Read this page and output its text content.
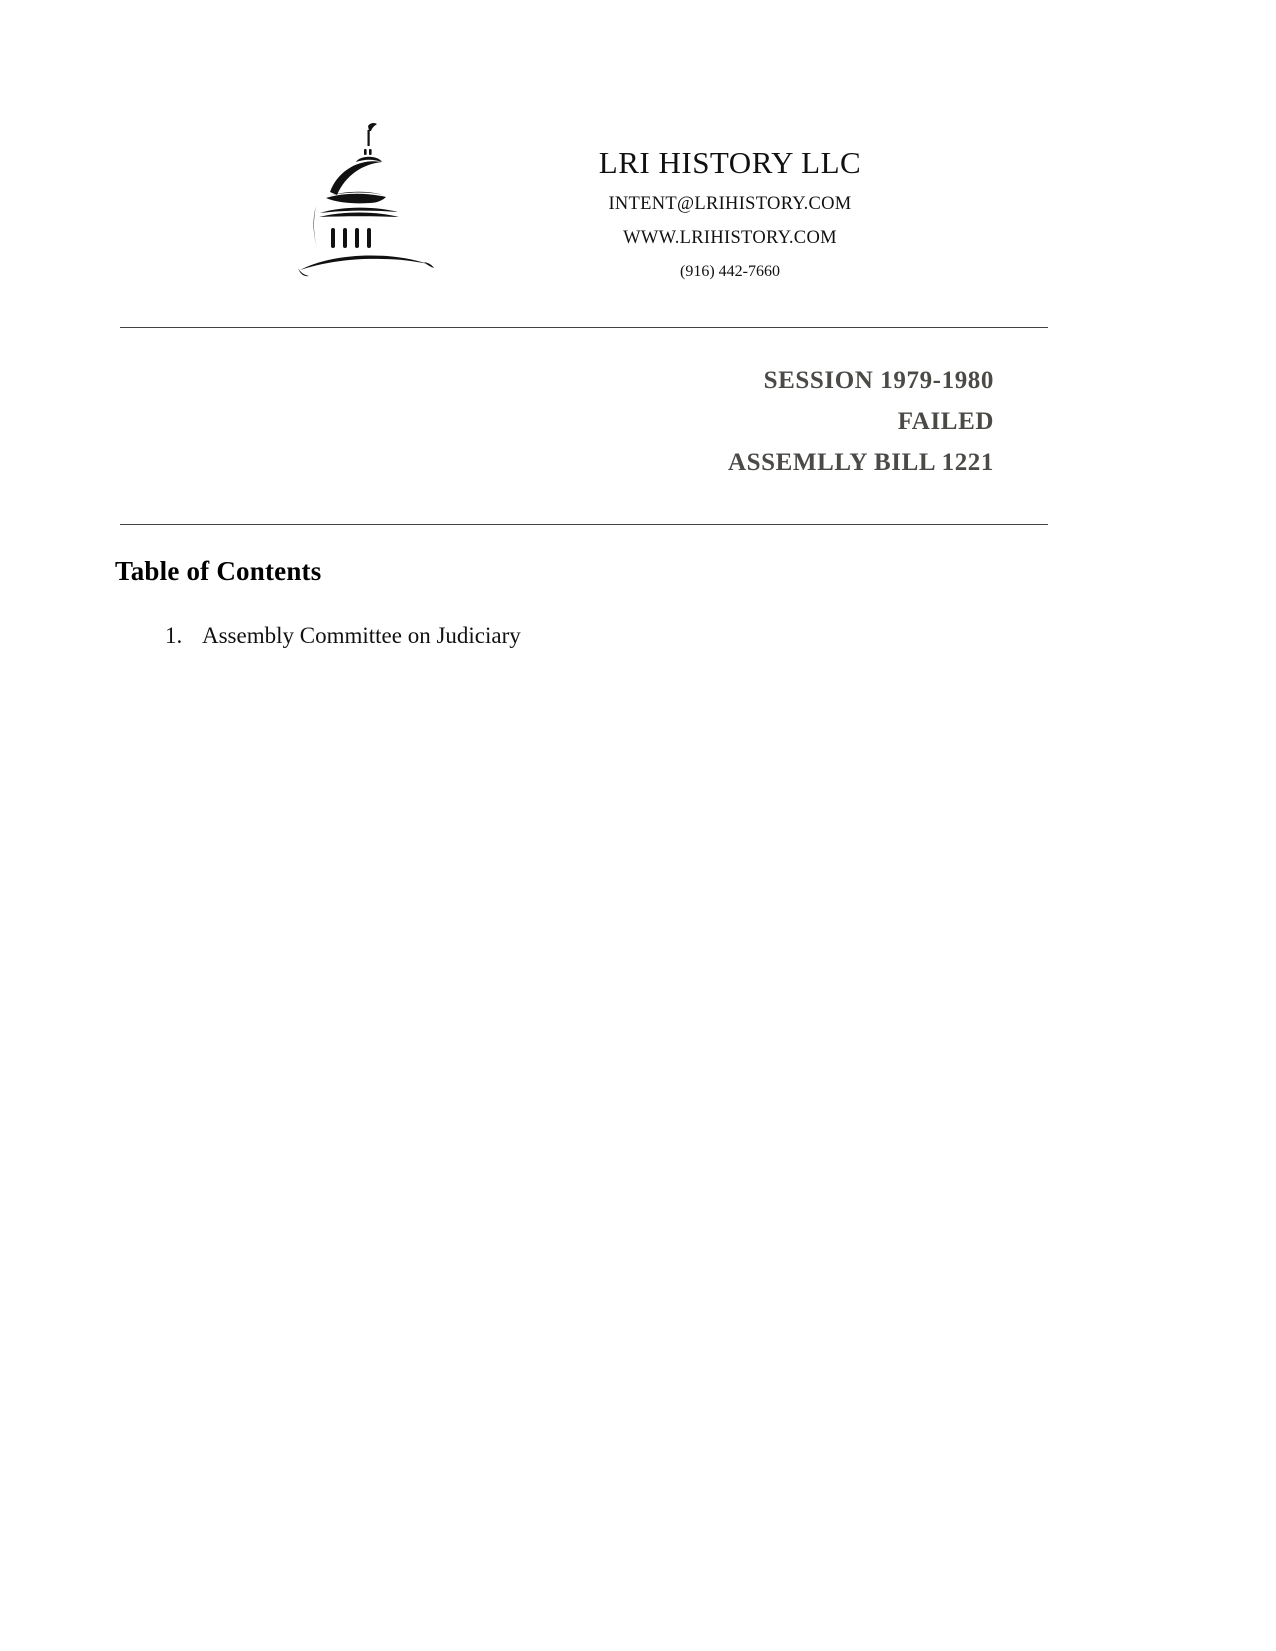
LRI HISTORY LLC
INTENT@LRIHISTORY.COM
WWW.LRIHISTORY.COM
(916) 442-7660
SESSION 1979-1980
FAILED
ASSEMLLY BILL 1221
Table of Contents
1. Assembly Committee on Judiciary
